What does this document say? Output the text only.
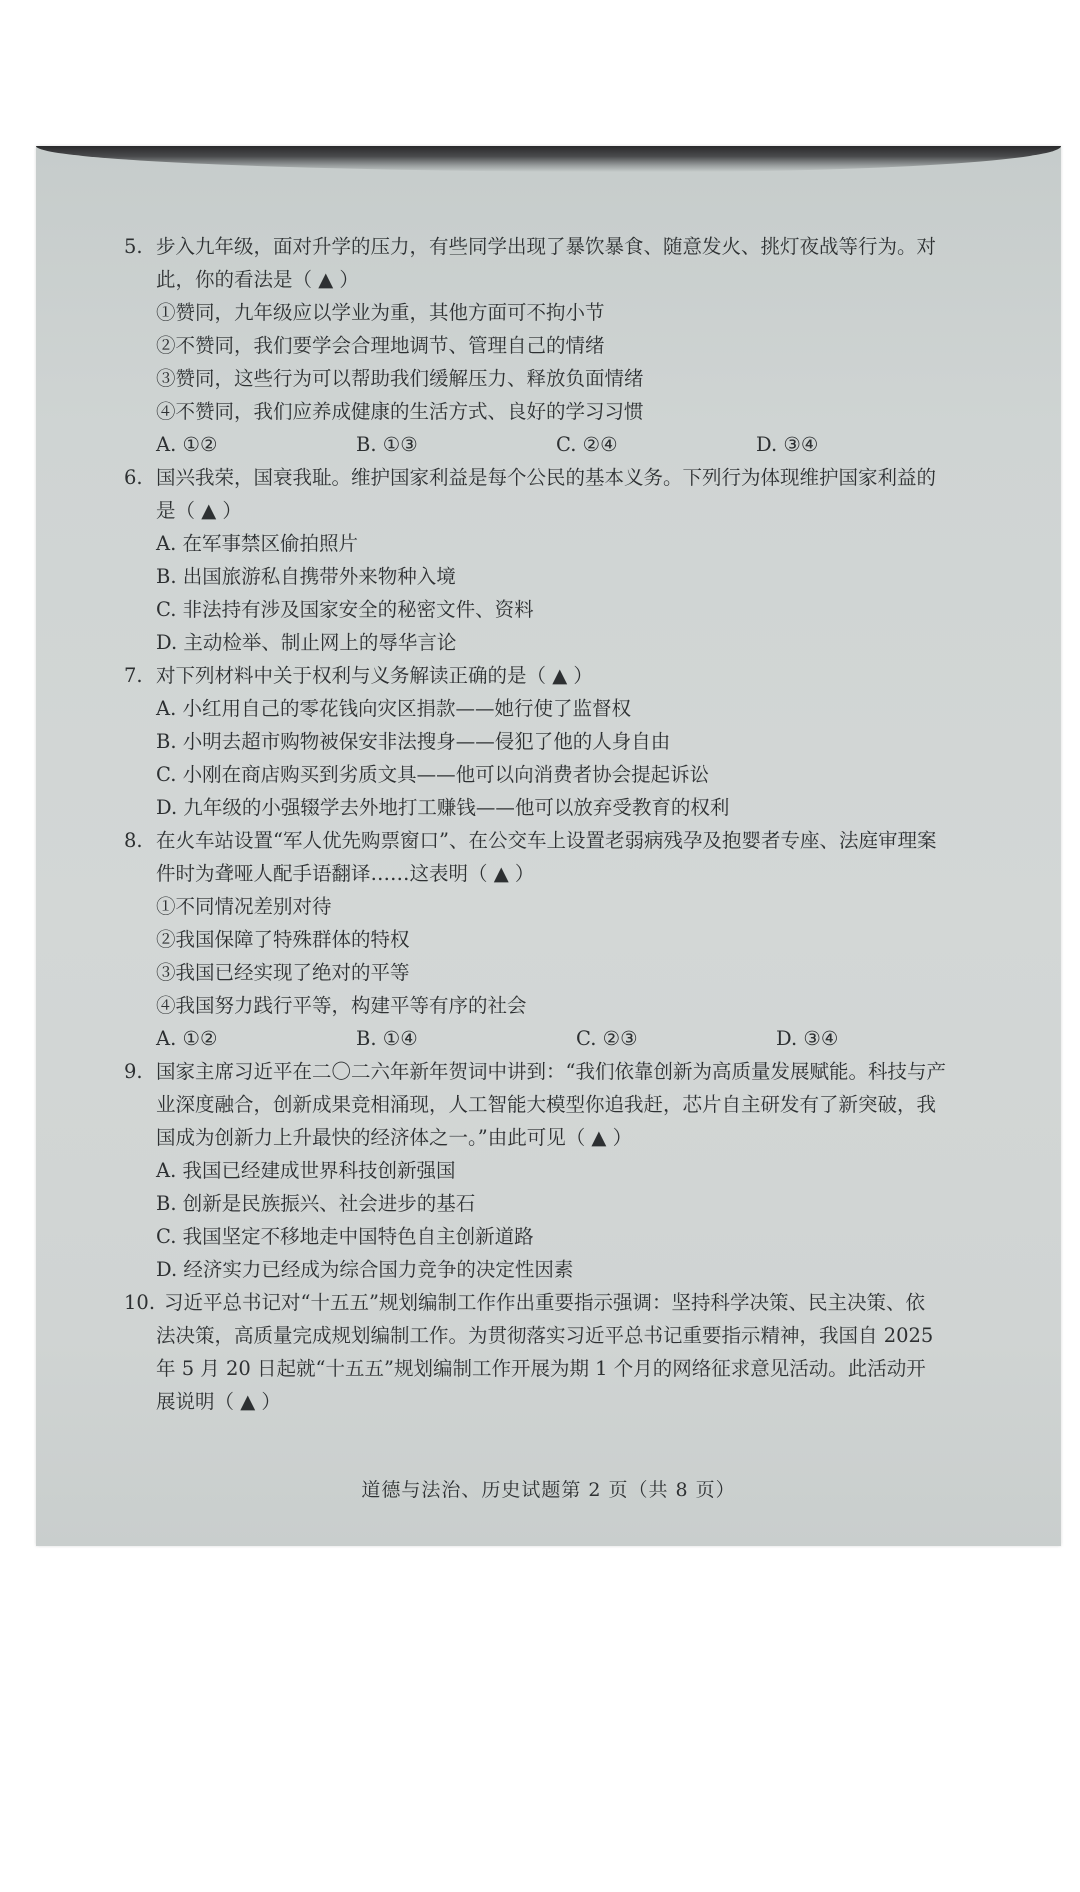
5. 步入九年级，面对升学的压力，有些同学出现了暴饮暴食、随意发火、挑灯夜战等行为。对
此，你的看法是（ ▲ ）
①赞同，九年级应以学业为重，其他方面可不拘小节
②不赞同，我们要学会合理地调节、管理自己的情绪
③赞同，这些行为可以帮助我们缓解压力、释放负面情绪
④不赞同，我们应养成健康的生活方式、良好的学习习惯
A. ①②	B. ①③	C. ②④	D. ③④
6. 国兴我荣，国衰我耻。维护国家利益是每个公民的基本义务。下列行为体现维护国家利益的
是（ ▲ ）
A. 在军事禁区偷拍照片
B. 出国旅游私自携带外来物种入境
C. 非法持有涉及国家安全的秘密文件、资料
D. 主动检举、制止网上的辱华言论
7. 对下列材料中关于权利与义务解读正确的是（ ▲ ）
A. 小红用自己的零花钱向灾区捐款——她行使了监督权
B. 小明去超市购物被保安非法搜身——侵犯了他的人身自由
C. 小刚在商店购买到劣质文具——他可以向消费者协会提起诉讼
D. 九年级的小强辍学去外地打工赚钱——他可以放弃受教育的权利
8. 在火车站设置“军人优先购票窗口”、在公交车上设置老弱病残孕及抱婴者专座、法庭审理案
件时为聋哑人配手语翻译……这表明（ ▲ ）
①不同情况差别对待
②我国保障了特殊群体的特权
③我国已经实现了绝对的平等
④我国努力践行平等，构建平等有序的社会
A. ①②	B. ①④	C. ②③	D. ③④
9. 国家主席习近平在二〇二六年新年贺词中讲到：“我们依靠创新为高质量发展赋能。科技与产
业深度融合，创新成果竞相涌现，人工智能大模型你追我赶，芯片自主研发有了新突破，我
国成为创新力上升最快的经济体之一。”由此可见（ ▲ ）
A. 我国已经建成世界科技创新强国
B. 创新是民族振兴、社会进步的基石
C. 我国坚定不移地走中国特色自主创新道路
D. 经济实力已经成为综合国力竞争的决定性因素
10. 习近平总书记对“十五五”规划编制工作作出重要指示强调：坚持科学决策、民主决策、依
法决策，高质量完成规划编制工作。为贯彻落实习近平总书记重要指示精神，我国自 2025
年 5 月 20 日起就“十五五”规划编制工作开展为期 1 个月的网络征求意见活动。此活动开
展说明（ ▲ ）
道德与法治、历史试题第 2 页（共 8 页）
